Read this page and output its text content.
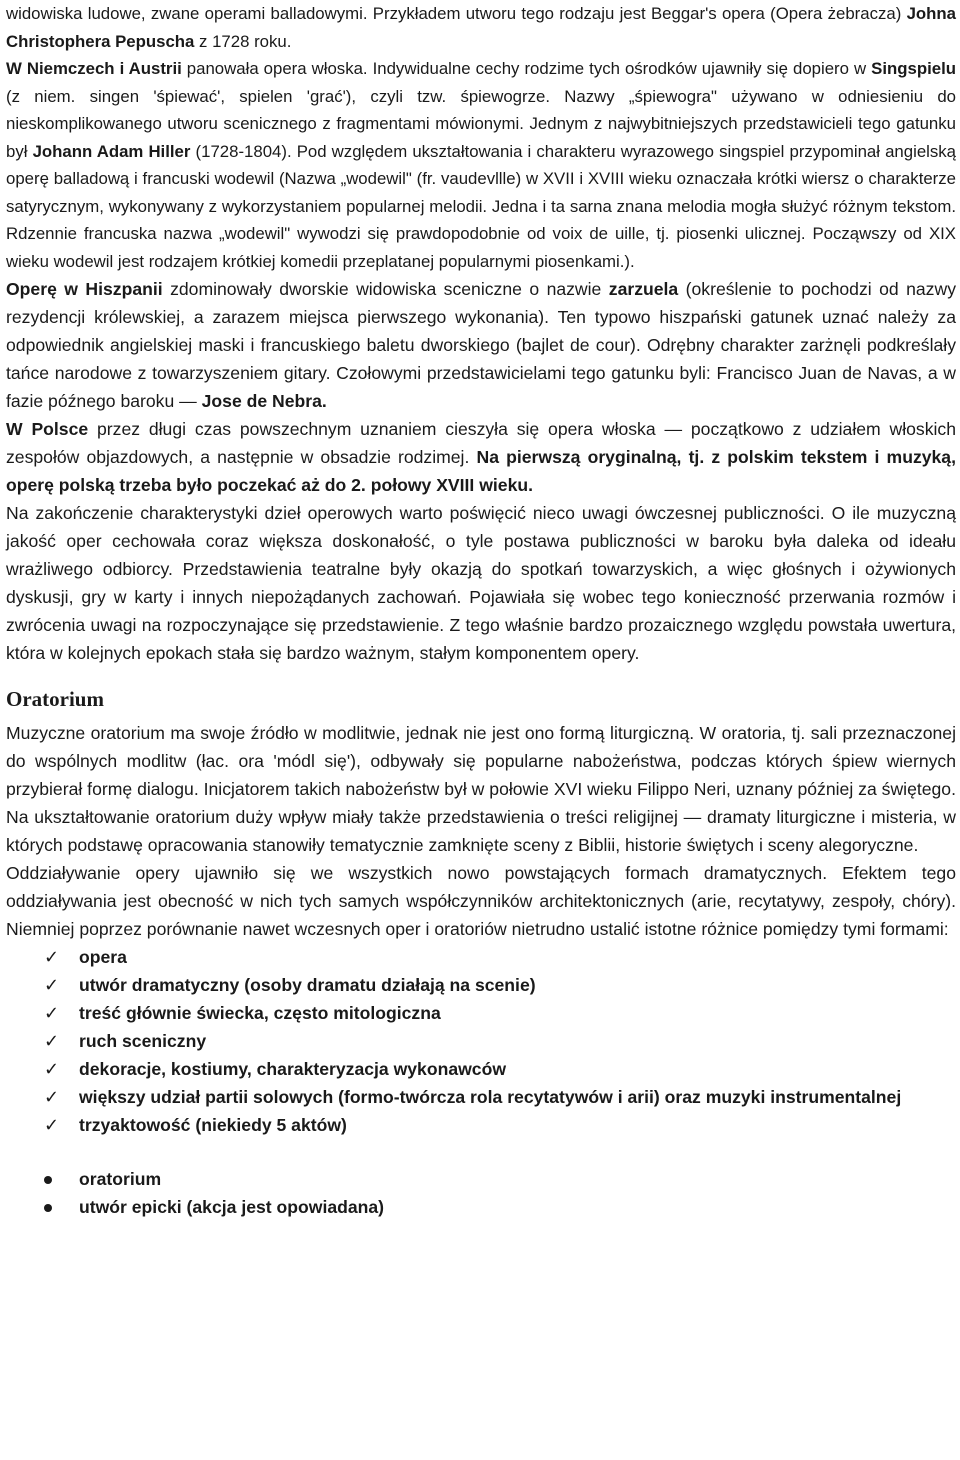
widowiska ludowe, zwane operami balladowymi. Przykładem utworu tego rodzaju jest Beggar's opera (Opera żebracza) Johna Christophera Pepuscha z 1728 roku.

W Niemczech i Austrii panowała opera włoska. Indywidualne cechy rodzime tych ośrodków ujawniły się dopiero w Singspielu (z niem. singen 'śpiewać', spielen 'grać'), czyli tzw. śpiewogrze. Nazwy „śpiewogra" używano w odniesieniu do nieskomplikowanego utworu scenicznego z fragmentami mówionymi. Jednym z najwybitniejszych przedstawicieli tego gatunku był Johann Adam Hiller (1728-1804). Pod względem ukształtowania i charakteru wyrazowego singspiel przypominał angielską operę balladową i francuski wodewil (Nazwa „wodewil" (fr. vaudevllle) w XVII i XVIII wieku oznaczała krótki wiersz o charakterze satyrycznym, wykonywany z wykorzystaniem popularnej melodii. Jedna i ta sarna znana melodia mogła służyć różnym tekstom. Rdzennie francuska nazwa „wodewil" wywodzi się prawdopodobnie od voix de uille, tj. piosenki ulicznej. Począwszy od XIX wieku wodewil jest rodzajem krótkiej komedii przeplatanej popularnymi piosenkami.).

Operę w Hiszpanii zdominowały dworskie widowiska sceniczne o nazwie zarzuela (określenie to pochodzi od nazwy rezydencji królewskiej, a zarazem miejsca pierwszego wykonania). Ten typowo hiszpański gatunek uznać należy za odpowiednik angielskiej maski i francuskiego baletu dworskiego (bajlet de cour). Odrębny charakter zarżnęli podkreślały tańce narodowe z towarzyszeniem gitary. Czołowymi przedstawicielami tego gatunku byli: Francisco Juan de Navas, a w fazie późnego baroku — Jose de Nebra.

W Polsce przez długi czas powszechnym uznaniem cieszyła się opera włoska — początkowo z udziałem włoskich zespołów objazdowych, a następnie w obsadzie rodzimej. Na pierwszą oryginalną, tj. z polskim tekstem i muzyką, operę polską trzeba było poczekać aż do 2. połowy XVIII wieku.

Na zakończenie charakterystyki dzieł operowych warto poświęcić nieco uwagi ówczesnej publiczności. O ile muzyczną jakość oper cechowała coraz większa doskonałość, o tyle postawa publiczności w baroku była daleka od ideału wrażliwego odbiorcy. Przedstawienia teatralne były okazją do spotkań towarzyskich, a więc głośnych i ożywionych dyskusji, gry w karty i innych niepożądanych zachowań. Pojawiała się wobec tego konieczność przerwania rozmów i zwrócenia uwagi na rozpoczynające się przedstawienie. Z tego właśnie bardzo prozaicznego względu powstała uwertura, która w kolejnych epokach stała się bardzo ważnym, stałym komponentem opery.

Oratorium

Muzyczne oratorium ma swoje źródło w modlitwie, jednak nie jest ono formą liturgiczną. W oratoria, tj. sali przeznaczonej do wspólnych modlitw (łac. ora 'módl się'), odbywały się popularne nabożeństwa, podczas których śpiew wiernych przybierał formę dialogu. Inicjatorem takich nabożeństw był w połowie XVI wieku Filippo Neri, uznany później za świętego. Na ukształtowanie oratorium duży wpływ miały także przedstawienia o treści religijnej — dramaty liturgiczne i misteria, w których podstawę opracowania stanowiły tematycznie zamknięte sceny z Biblii, historie świętych i sceny alegoryczne.

Oddziaływanie opery ujawniło się we wszystkich nowo powstających formach dramatycznych. Efektem tego oddziaływania jest obecność w nich tych samych współczynników architektonicznych (arie, recytatywy, zespoły, chóry). Niemniej poprzez porównanie nawet wczesnych oper i oratoriów nietrudno ustalić istotne różnice pomiędzy tymi formami:

✓ opera
✓ utwór dramatyczny (osoby dramatu działają na scenie)
✓ treść głównie świecka, często mitologiczna
✓ ruch sceniczny
✓ dekoracje, kostiumy, charakteryzacja wykonawców
✓ większy udział partii solowych (formo-twórcza rola recytatywów i arii) oraz muzyki instrumentalnej
✓ trzyaktowość (niekiedy 5 aktów)
oratorium
utwór epicki (akcja jest opowiadana)
